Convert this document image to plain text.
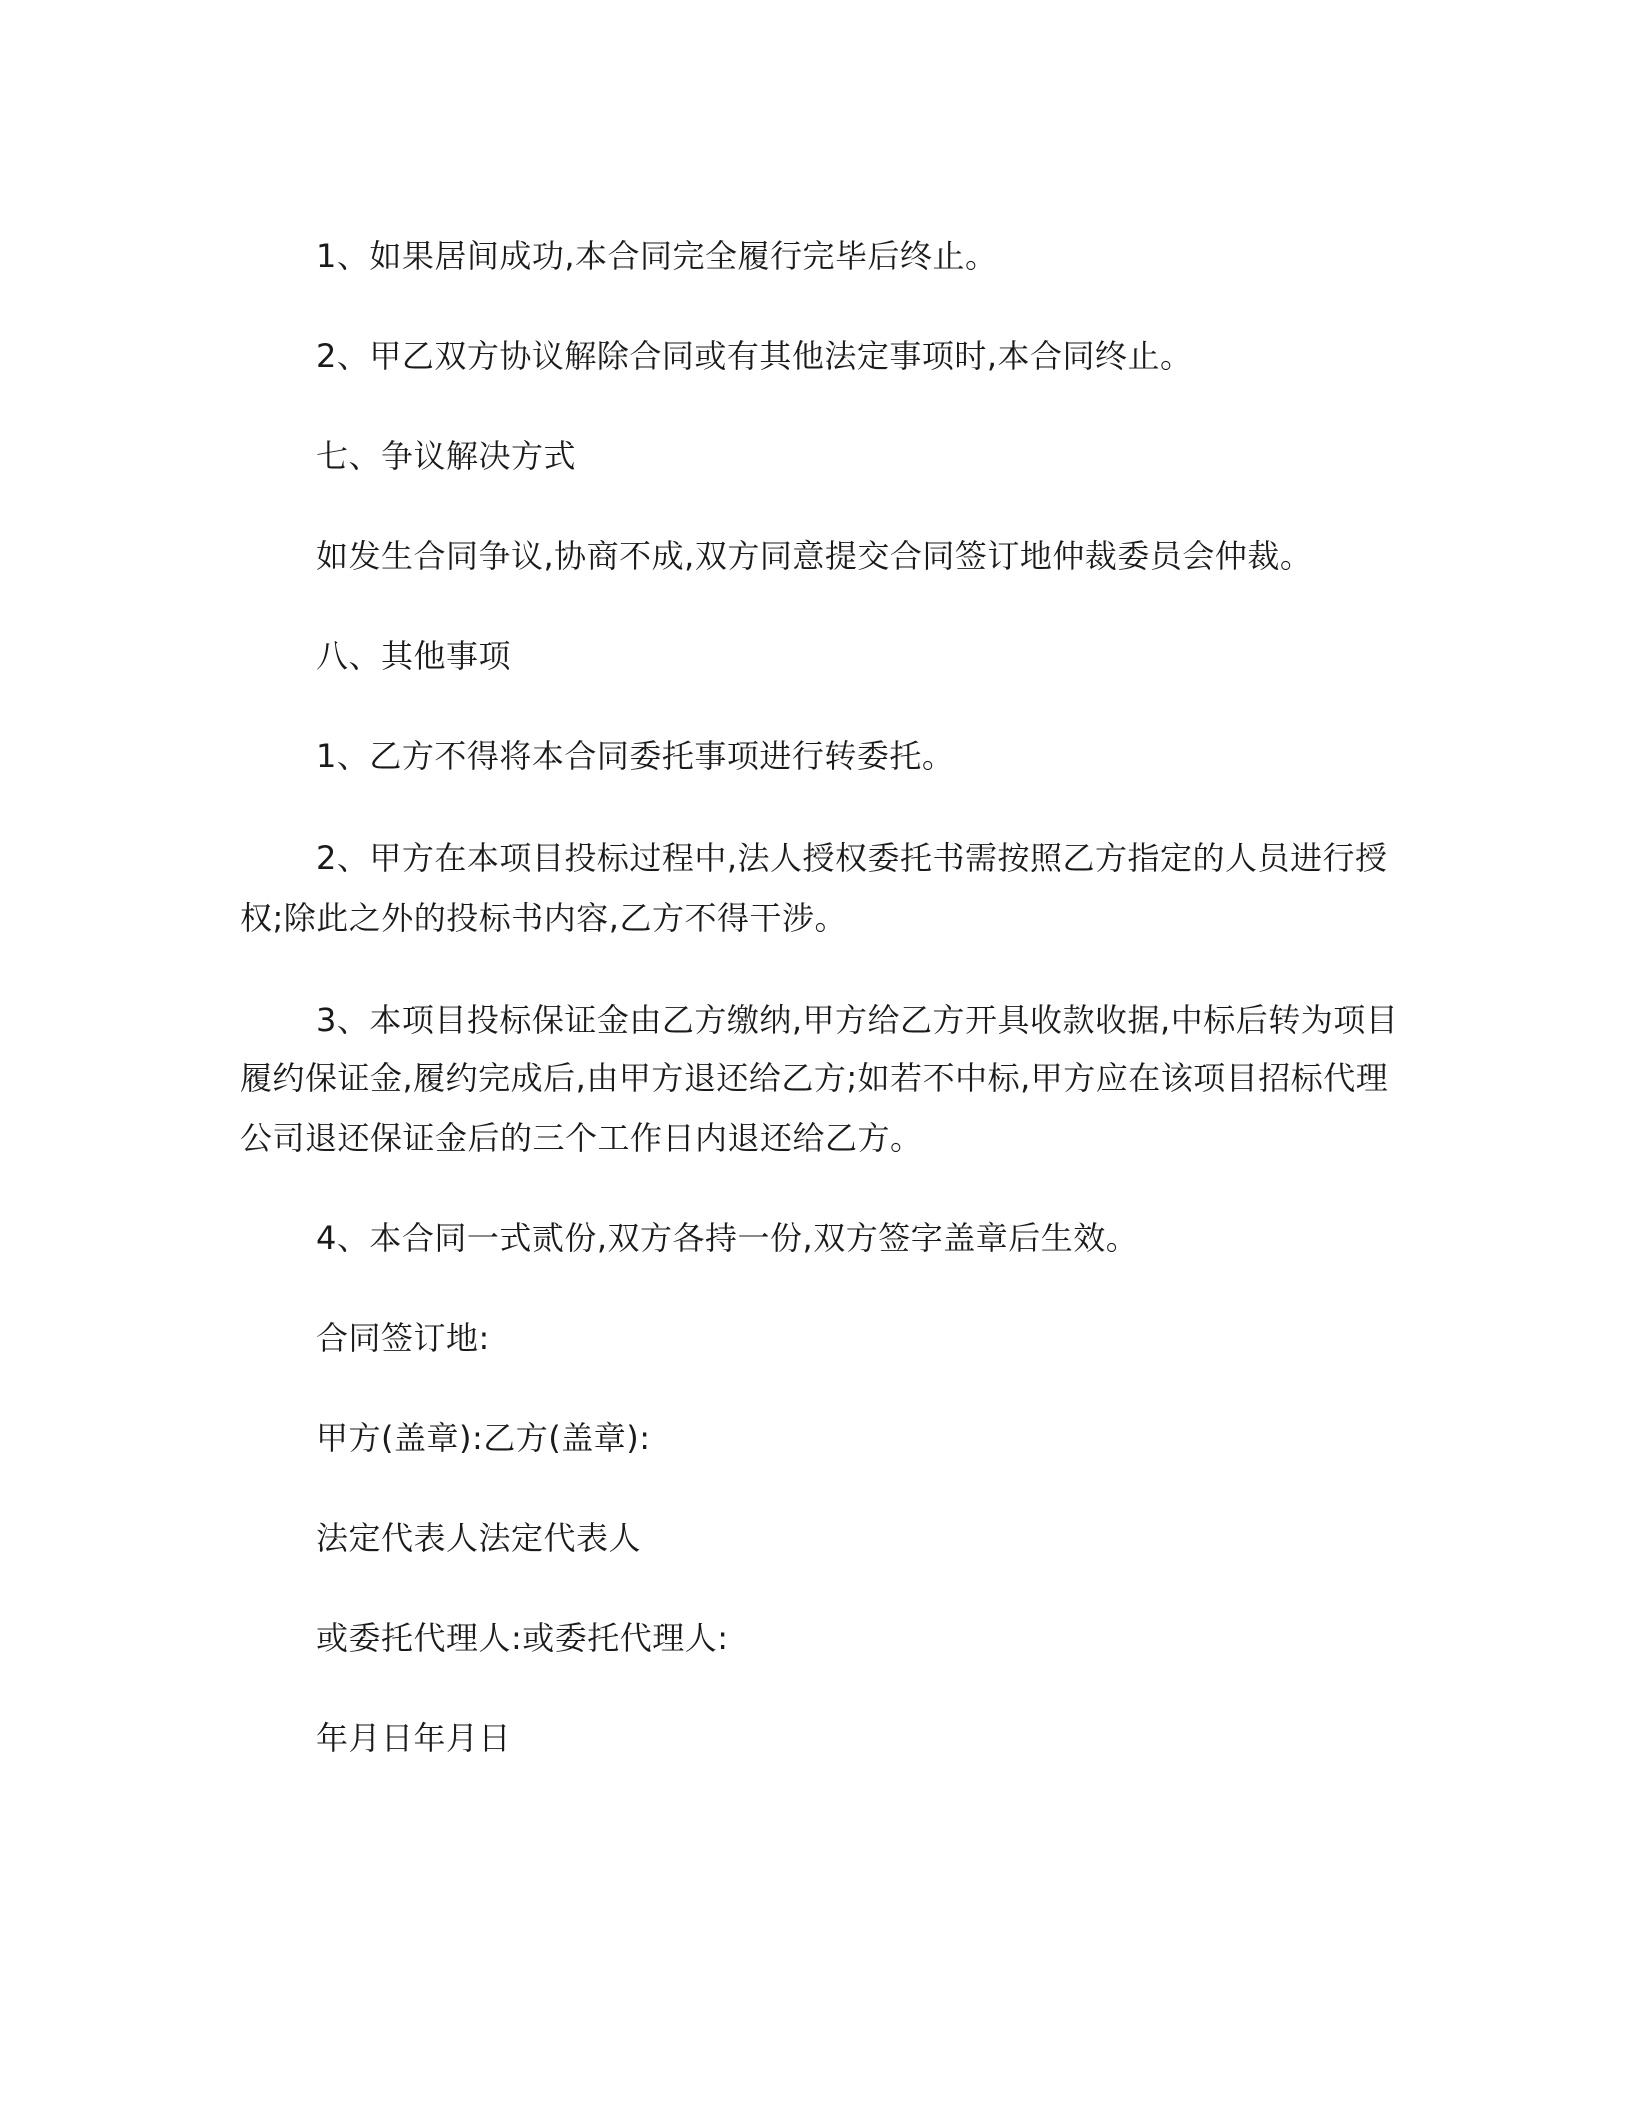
1、如果居间成功,本合同完全履行完毕后终止。
2、甲乙双方协议解除合同或有其他法定事项时,本合同终止。
七、争议解决方式
如发生合同争议,协商不成,双方同意提交合同签订地仲裁委员会仲裁。
八、其他事项
1、乙方不得将本合同委托事项进行转委托。
2、甲方在本项目投标过程中,法人授权委托书需按照乙方指定的人员进行授
权;除此之外的投标书内容,乙方不得干涉。
3、本项目投标保证金由乙方缴纳,甲方给乙方开具收款收据,中标后转为项目
履约保证金,履约完成后,由甲方退还给乙方;如若不中标,甲方应在该项目招标代理
公司退还保证金后的三个工作日内退还给乙方。
4、本合同一式贰份,双方各持一份,双方签字盖章后生效。
合同签订地:
甲方(盖章):乙方(盖章):
法定代表人法定代表人
或委托代理人:或委托代理人:
年月日年月日
